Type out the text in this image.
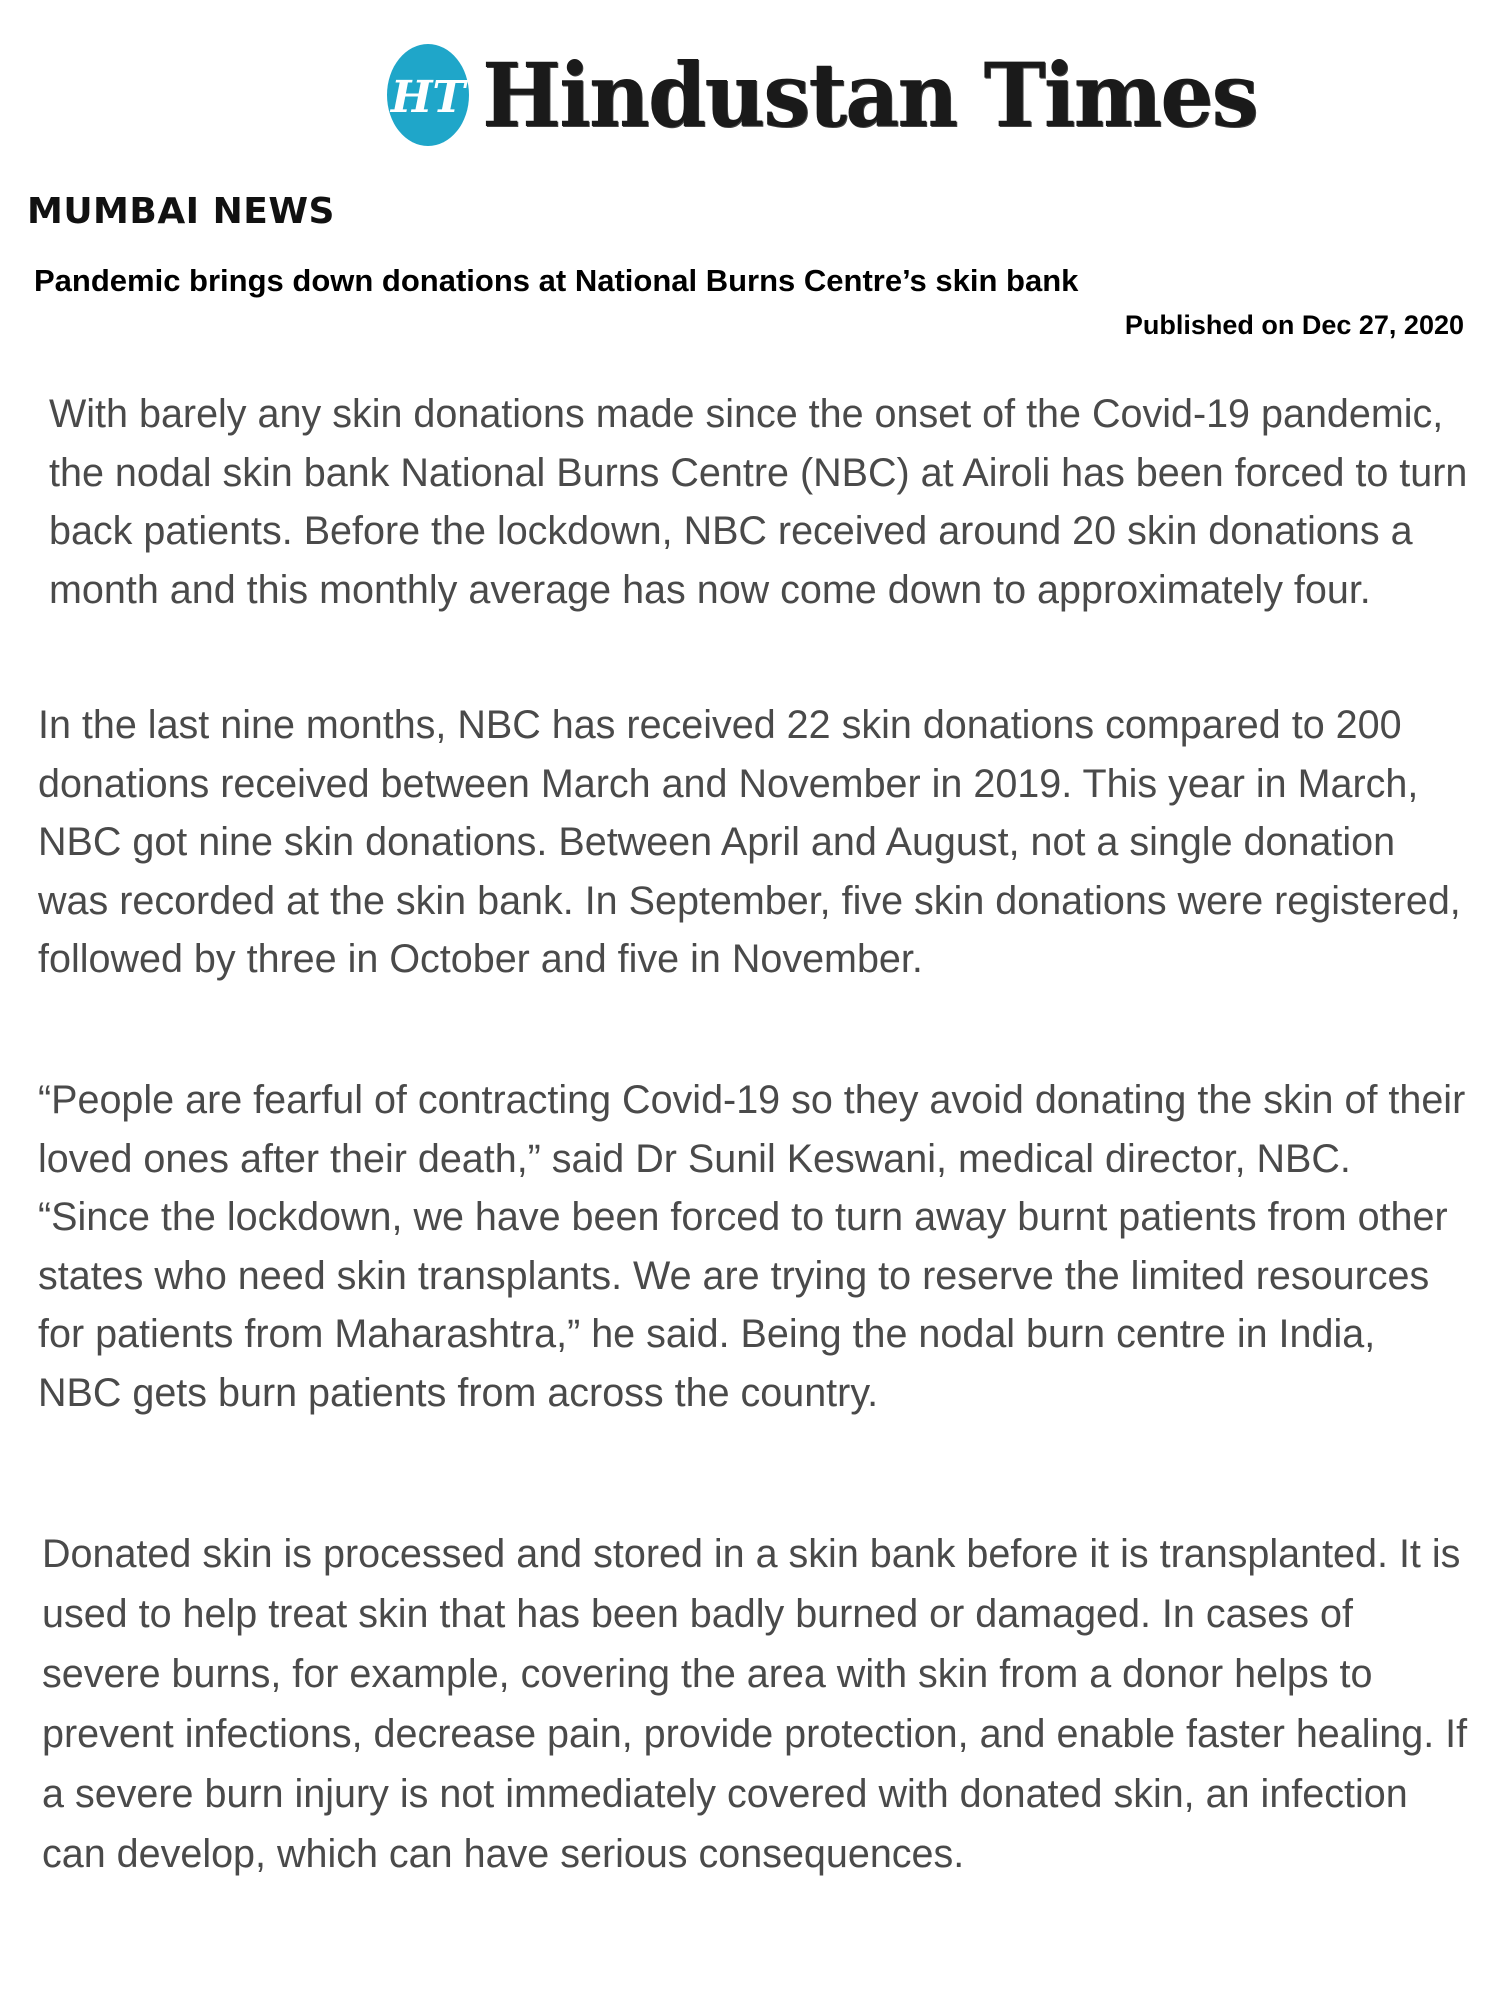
HT Hindustan Times
MUMBAI NEWS
Pandemic brings down donations at National Burns Centre’s skin bank
Published on Dec 27, 2020

With barely any skin donations made since the onset of the Covid-19 pandemic, the nodal skin bank National Burns Centre (NBC) at Airoli has been forced to turn back patients. Before the lockdown, NBC received around 20 skin donations a month and this monthly average has now come down to approximately four.

In the last nine months, NBC has received 22 skin donations compared to 200 donations received between March and November in 2019. This year in March, NBC got nine skin donations. Between April and August, not a single donation was recorded at the skin bank. In September, five skin donations were registered, followed by three in October and five in November.

“People are fearful of contracting Covid-19 so they avoid donating the skin of their loved ones after their death,” said Dr Sunil Keswani, medical director, NBC. “Since the lockdown, we have been forced to turn away burnt patients from other states who need skin transplants. We are trying to reserve the limited resources for patients from Maharashtra,” he said. Being the nodal burn centre in India, NBC gets burn patients from across the country.

Donated skin is processed and stored in a skin bank before it is transplanted. It is used to help treat skin that has been badly burned or damaged. In cases of severe burns, for example, covering the area with skin from a donor helps to prevent infections, decrease pain, provide protection, and enable faster healing. If a severe burn injury is not immediately covered with donated skin, an infection can develop, which can have serious consequences.
